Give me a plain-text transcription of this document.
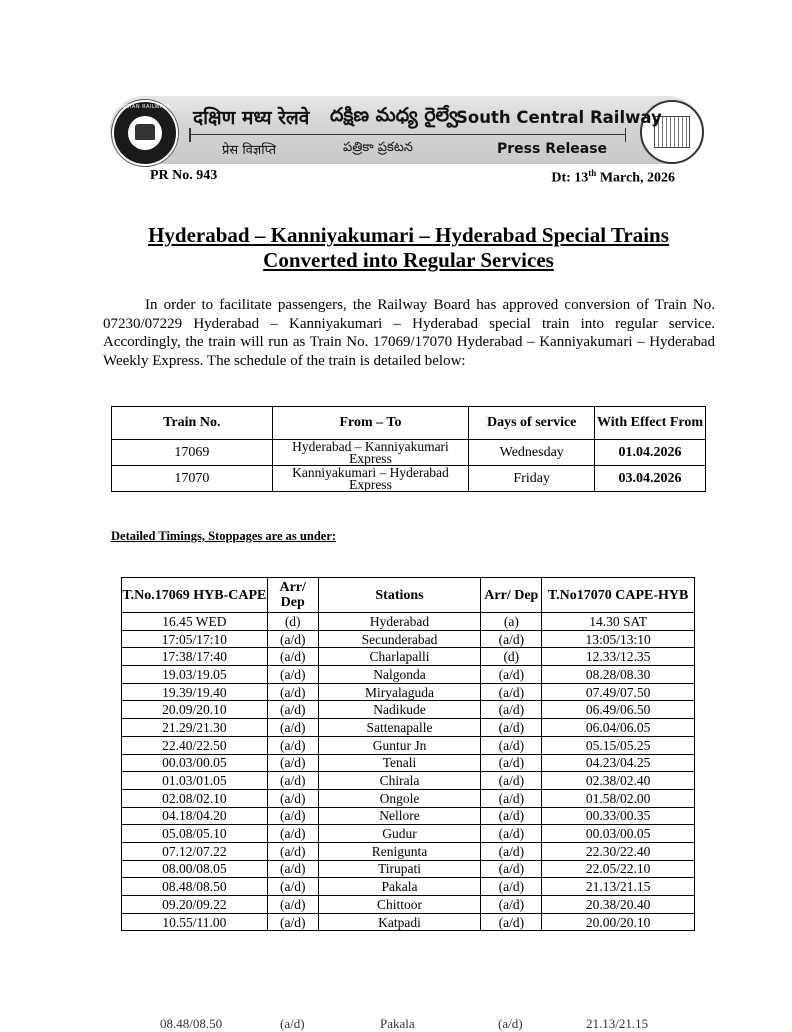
INDIAN RAILWAYS दक्षिण मध्य रेलवे దక్షిణ మధ్య రైల్వే
South Central Railway
प्रेस विज्ञप्ति	పత్రికా ప్రకటన	Press Release
PR No. 943	Dt: 13th March, 2026
Hyderabad – Kanniyakumari – Hyderabad Special Trains
Converted into Regular Services
In order to facilitate passengers, the Railway Board has approved conversion of Train No. 07230/07229 Hyderabad – Kanniyakumari – Hyderabad special train into regular service. Accordingly, the train will run as Train No. 17069/17070 Hyderabad – Kanniyakumari – Hyderabad Weekly Express. The schedule of the train is detailed below:
Train No.	From – To	Days of service	With Effect From
17069	Hyderabad – Kanniyakumari Express	Wednesday	01.04.2026
17070	Kanniyakumari – Hyderabad Express	Friday	03.04.2026
Detailed Timings, Stoppages are as under:
T.No.17069 HYB-CAPE	Arr/ Dep	Stations	Arr/ Dep	T.No17070 CAPE-HYB
16.45 WED	(d)	Hyderabad	(a)	14.30 SAT
17:05/17:10	(a/d)	Secunderabad	(a/d)	13:05/13:10
17:38/17:40	(a/d)	Charlapalli	(d)	12.33/12.35
19.03/19.05	(a/d)	Nalgonda	(a/d)	08.28/08.30
19.39/19.40	(a/d)	Miryalaguda	(a/d)	07.49/07.50
20.09/20.10	(a/d)	Nadikude	(a/d)	06.49/06.50
21.29/21.30	(a/d)	Sattenapalle	(a/d)	06.04/06.05
22.40/22.50	(a/d)	Guntur Jn	(a/d)	05.15/05.25
00.03/00.05	(a/d)	Tenali	(a/d)	04.23/04.25
01.03/01.05	(a/d)	Chirala	(a/d)	02.38/02.40
02.08/02.10	(a/d)	Ongole	(a/d)	01.58/02.00
04.18/04.20	(a/d)	Nellore	(a/d)	00.33/00.35
05.08/05.10	(a/d)	Gudur	(a/d)	00.03/00.05
07.12/07.22	(a/d)	Renigunta	(a/d)	22.30/22.40
08.00/08.05	(a/d)	Tirupati	(a/d)	22.05/22.10
08.48/08.50	(a/d)	Pakala	(a/d)	21.13/21.15
09.20/09.22	(a/d)	Chittoor	(a/d)	20.38/20.40
10.55/11.00	(a/d)	Katpadi	(a/d)	20.00/20.10
08.48/08.50	(a/d)	Pakala	(a/d)	21.13/21.15
